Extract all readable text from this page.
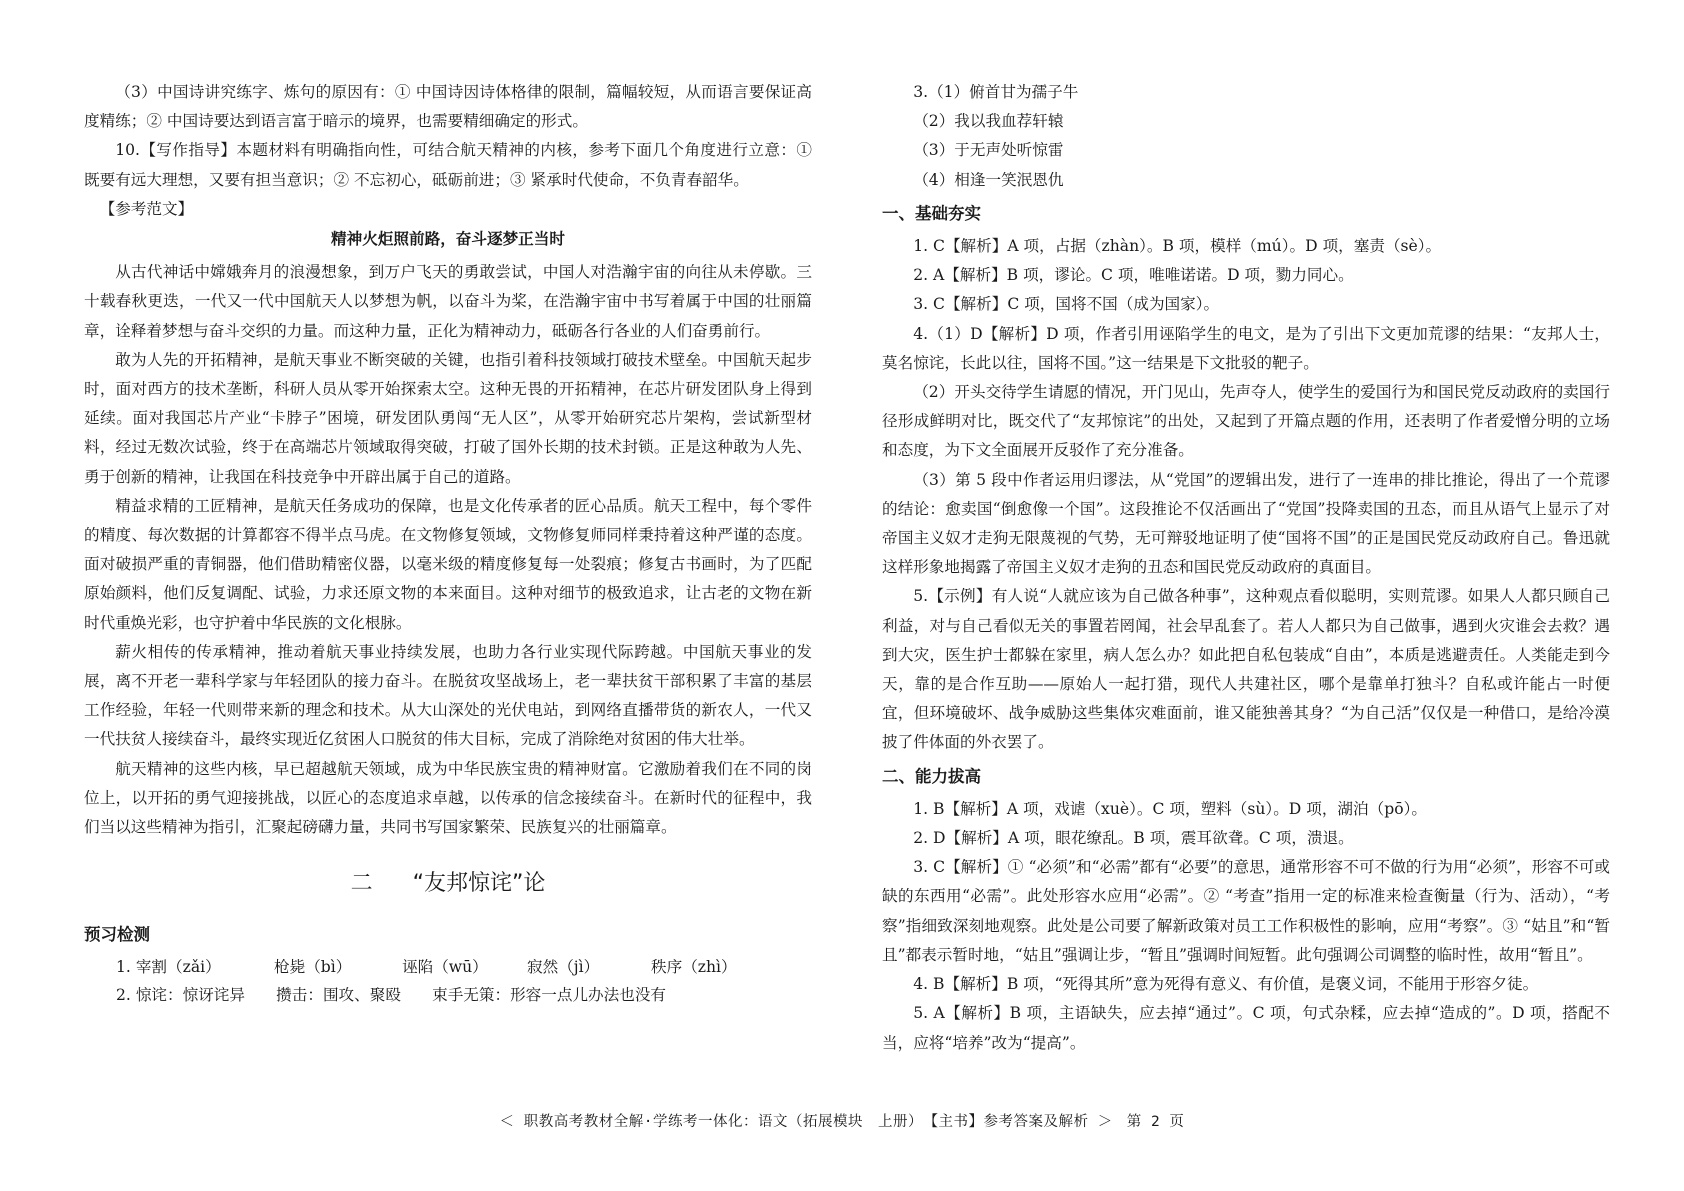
（3）中国诗讲究练字、炼句的原因有：① 中国诗因诗体格律的限制，篇幅较短，从而语言要保证高度精练；② 中国诗要达到语言富于暗示的境界，也需要精细确定的形式。

10.【写作指导】本题材料有明确指向性，可结合航天精神的内核，参考下面几个角度进行立意：① 既要有远大理想，又要有担当意识；② 不忘初心，砥砺前进；③ 紧承时代使命，不负青春韶华。

【参考范文】

精神火炬照前路，奋斗逐梦正当时

从古代神话中嫦娥奔月的浪漫想象，到万户飞天的勇敢尝试，中国人对浩瀚宇宙的向往从未停歇。三十载春秋更迭，一代又一代中国航天人以梦想为帆，以奋斗为桨，在浩瀚宇宙中书写着属于中国的壮丽篇章，诠释着梦想与奋斗交织的力量。而这种力量，正化为精神动力，砥砺各行各业的人们奋勇前行。

敢为人先的开拓精神，是航天事业不断突破的关键，也指引着科技领域打破技术壁垒。中国航天起步时，面对西方的技术垄断，科研人员从零开始探索太空。这种无畏的开拓精神，在芯片研发团队身上得到延续。面对我国芯片产业“卡脖子”困境，研发团队勇闯“无人区”，从零开始研究芯片架构，尝试新型材料，经过无数次试验，终于在高端芯片领域取得突破，打破了国外长期的技术封锁。正是这种敢为人先、勇于创新的精神，让我国在科技竞争中开辟出属于自己的道路。

精益求精的工匠精神，是航天任务成功的保障，也是文化传承者的匠心品质。航天工程中，每个零件的精度、每次数据的计算都容不得半点马虎。在文物修复领域，文物修复师同样秉持着这种严谨的态度。面对破损严重的青铜器，他们借助精密仪器，以毫米级的精度修复每一处裂痕；修复古书画时，为了匹配原始颜料，他们反复调配、试验，力求还原文物的本来面目。这种对细节的极致追求，让古老的文物在新时代重焕光彩，也守护着中华民族的文化根脉。

薪火相传的传承精神，推动着航天事业持续发展，也助力各行业实现代际跨越。中国航天事业的发展，离不开老一辈科学家与年轻团队的接力奋斗。在脱贫攻坚战场上，老一辈扶贫干部积累了丰富的基层工作经验，年轻一代则带来新的理念和技术。从大山深处的光伏电站，到网络直播带货的新农人，一代又一代扶贫人接续奋斗，最终实现近亿贫困人口脱贫的伟大目标，完成了消除绝对贫困的伟大壮举。

航天精神的这些内核，早已超越航天领域，成为中华民族宝贵的精神财富。它激励着我们在不同的岗位上，以开拓的勇气迎接挑战，以匠心的态度追求卓越，以传承的信念接续奋斗。在新时代的征程中，我们当以这些精神为指引，汇聚起磅礴力量，共同书写国家繁荣、民族复兴的壮丽篇章。

二 “友邦惊诧”论
预习检测
1. 宰割（zǎi）	枪毙（bì）	诬陷（wū）	寂然（jì）	秩序（zhì）
2. 惊诧：惊讶诧异　　攒击：围攻、聚殴　　束手无策：形容一点儿办法也没有

3.（1）俯首甘为孺子牛

（2）我以我血荐轩辕

（3）于无声处听惊雷

（4）相逢一笑泯恩仇

一、基础夯实

1. C【解析】A 项，占据（zhàn）。B 项，模样（mú）。D 项，塞责（sè）。

2. A【解析】B 项，谬论。C 项，唯唯诺诺。D 项，勠力同心。

3. C【解析】C 项，国将不国（成为国家）。

4.（1）D【解析】D 项，作者引用诬陷学生的电文，是为了引出下文更加荒谬的结果：“友邦人士，莫名惊诧，长此以往，国将不国。”这一结果是下文批驳的靶子。

（2）开头交待学生请愿的情况，开门见山，先声夺人，使学生的爱国行为和国民党反动政府的卖国行径形成鲜明对比，既交代了“友邦惊诧”的出处，又起到了开篇点题的作用，还表明了作者爱憎分明的立场和态度，为下文全面展开反驳作了充分准备。

（3）第 5 段中作者运用归谬法，从“党国”的逻辑出发，进行了一连串的排比推论，得出了一个荒谬的结论：愈卖国“倒愈像一个国”。这段推论不仅活画出了“党国”投降卖国的丑态，而且从语气上显示了对帝国主义奴才走狗无限蔑视的气势，无可辩驳地证明了使“国将不国”的正是国民党反动政府自己。鲁迅就这样形象地揭露了帝国主义奴才走狗的丑态和国民党反动政府的真面目。

5.【示例】有人说“人就应该为自己做各种事”，这种观点看似聪明，实则荒谬。如果人人都只顾自己利益，对与自己看似无关的事置若罔闻，社会早乱套了。若人人都只为自己做事，遇到火灾谁会去救？遇到大灾，医生护士都躲在家里，病人怎么办？如此把自私包装成“自由”，本质是逃避责任。人类能走到今天，靠的是合作互助——原始人一起打猎，现代人共建社区，哪个是靠单打独斗？自私或许能占一时便宜，但环境破坏、战争威胁这些集体灾难面前，谁又能独善其身？“为自己活”仅仅是一种借口，是给冷漠披了件体面的外衣罢了。

二、能力拔高

1. B【解析】A 项，戏谑（xuè）。C 项，塑料（sù）。D 项，湖泊（pō）。

2. D【解析】A 项，眼花缭乱。B 项，震耳欲聋。C 项，溃退。

3. C【解析】① “必须”和“必需”都有“必要”的意思，通常形容不可不做的行为用“必须”，形容不可或缺的东西用“必需”。此处形容水应用“必需”。② “考查”指用一定的标准来检查衡量（行为、活动），“考察”指细致深刻地观察。此处是公司要了解新政策对员工工作积极性的影响，应用“考察”。③ “姑且”和“暂且”都表示暂时地，“姑且”强调让步，“暂且”强调时间短暂。此句强调公司调整的临时性，故用“暂且”。

4. B【解析】B 项，“死得其所”意为死得有意义、有价值，是褒义词，不能用于形容夕徒。

5. A【解析】B 项，主语缺失，应去掉“通过”。C 项，句式杂糅，应去掉“造成的”。D 项，搭配不当，应将“培养”改为“提高”。

＜ 职教高考教材全解·学练考一体化：语文（拓展模块　上册）　【主书】参考答案及解析 ＞ 第 2 页
